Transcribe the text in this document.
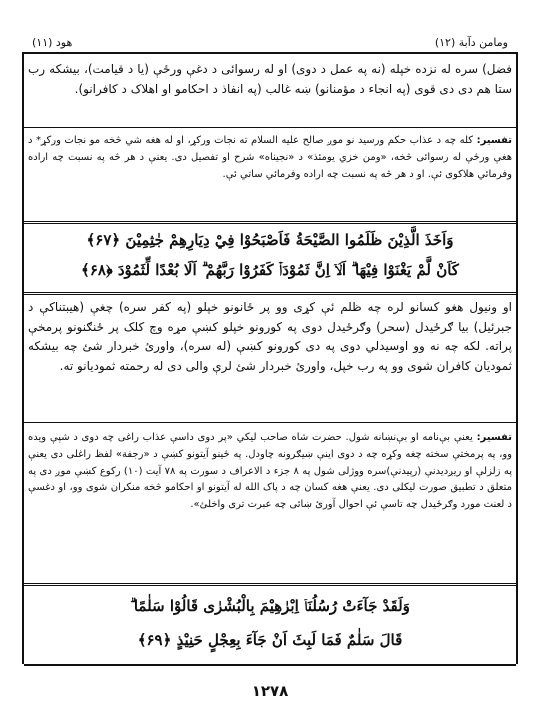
ومامن دآبة (۱۲)
هود (۱۱)
فضل) سره له نزده خپله (نه په عمل د دوی) او له رسوائی د دغې ورځې (يا د قيامت)، بيشکه رب ستا هم دی دی قوی (په انجاء د مؤمنانو) ښه غالب (په انفاذ د احکامو او اهلاک د کافرانو).
تفسير: کله چه د عذاب حکم ورسيد نو موږ صالح عليه السلام ته نجات ورکړ، او له هغه شي څخه مو نجات ورکړ* د هغې ورځې له رسوائی څخه، «ومن خزي يومئذ» د «نجيناه» شرح او تفصيل دی. يعنې د هر څه په نسبت چه اراده وفرمائي هلاکوی ئې. او د هر څه په نسبت چه اراده وفرمائي ساتي ئې.
وَاَخَذَ الَّذِيْنَ ظَلَمُوا الصَّيْحَةُ فَاَصْبَحُوْا فِيْ دِيَارِهِمْ جٰثِمِيْنَ ﴿۶۷﴾
كَاَنْ لَّمْ يَغْنَوْا فِيْهَا ۗ اَلَاۤ اِنَّ ثَمُوْدَاۡ كَفَرُوْا رَبَّهُمْ ۗ اَلَا بُعْدًا لِّثَمُوْدَ ﴿۶۸﴾
او ونيول هغو کسانو لره چه ظلم ئې کړی وو پر ځانونو خپلو (په کفر سره) چغې (هيبتناکې د جبرئيل) بيا ګرځيدل (سحر) وګرځيدل دوی په کورونو خپلو کښې مړه وچ کلک پر ځنګنونو پرمخې پراته. لکه چه نه وو اوسيدلي دوی په دی کورونو کښې (له سره)، واورئ خبردار شئ چه بيشکه ثمودیان کافران شوی وو په رب خپل، واورئ خبردار شئ لرې والی دی له رحمته ثموديانو ته.
تفسير: يعنې بې‌نامه او بې‌نښانه شول. حضرت شاه صاحب ليکي «پر دوی داسې عذاب راغی چه دوی د شپې ويده وو، په پرمختې سخته چغه وکړه چه د دوی اينې ښيګرونه چاودل. په ځينو آيتونو کښې د «رجفة» لفظ راغلی دی يعنې په زلزلې او ريږديدنې (رپيدنې)سره ووژلی شول په ٨ جزء د الاعراف د سورت په ٧٨ آيت (١٠) رکوع کښې موږ دی په متعلق د تطبيق صورت ليکلی دی. يعنې هغه کسان چه د پاک الله له آيتونو او احکامو څخه منکران شوی وو، او دغسې د لعنت مورد وګرځيدل چه تاسې ئې احوال آورئ ښائی چه عبرت تری واخلئ».
وَلَقَدْ جَآءَتْ رُسُلُنَاۤ اِبْرٰهِيْمَ بِالْبُشْرٰى قَالُوْا سَلٰمًا ۗ
قَالَ سَلٰمٌ فَمَا لَبِثَ اَنْ جَآءَ بِعِجْلٍ حَنِيْذٍ ﴿۶۹﴾
۱۲۷۸
